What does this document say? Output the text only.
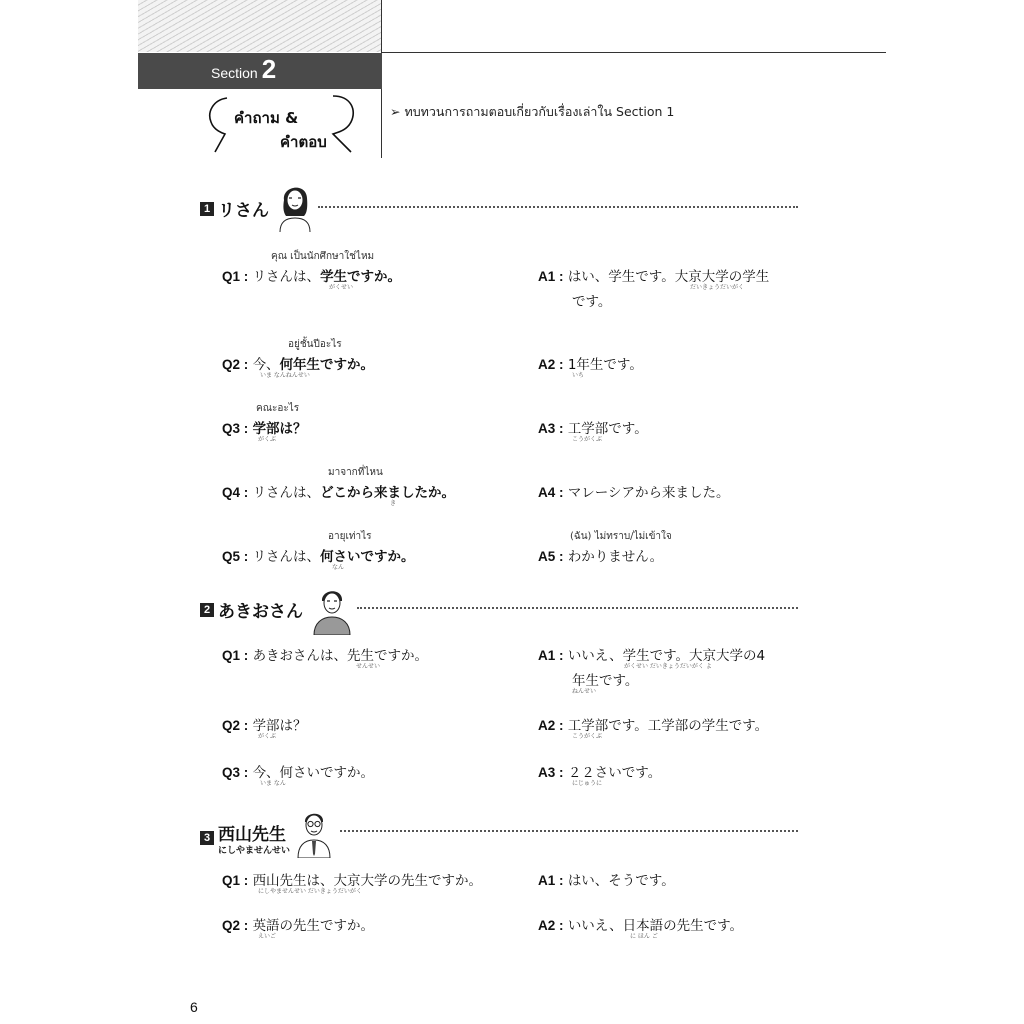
Section 2
คำถาม &
คำตอบ
➢ ทบทวนการถามตอบเกี่ยวกับเรื่องเล่าใน Section 1
1 リさん
คุณ เป็นนักศึกษาใช่ไหม
Q1 : リさんは、学生ですか。
がくせい
A1 : はい、学生です。大京大学の学生
だいきょうだいがく
です。
อยู่ชั้นปีอะไร
Q2 : 今、何年生ですか。
いま なんねんせい
A2 : 1年生です。
いち
คณะอะไร
Q3 : 学部は？
がくぶ
A3 : 工学部です。
こうがくぶ
มาจากที่ไหน
Q4 : リさんは、どこから来ましたか。
き
A4 : マレーシアから来ました。
อายุเท่าไร	(ฉัน) ไม่ทราบ/ไม่เข้าใจ
Q5 : リさんは、何さいですか。
なん
A5 : わかりません。
2 あきおさん
Q1 : あきおさんは、先生ですか。
せんせい
A1 : いいえ、学生です。大京大学の4
がくせい だいきょうだいがく よ
年生です。
ねんせい
Q2 : 学部は？
がくぶ
A2 : 工学部です。工学部の学生です。
こうがくぶ
Q3 : 今、何さいですか。
いま なん
A3 : ２２さいです。
にじゅうに
3 西山先生
にしやませんせい
Q1 : 西山先生は、大京大学の先生ですか。
にしやませんせい だいきょうだいがく
A1 : はい、そうです。
Q2 : 英語の先生ですか。
えいご
A2 : いいえ、日本語の先生です。
に ほん ご
6
